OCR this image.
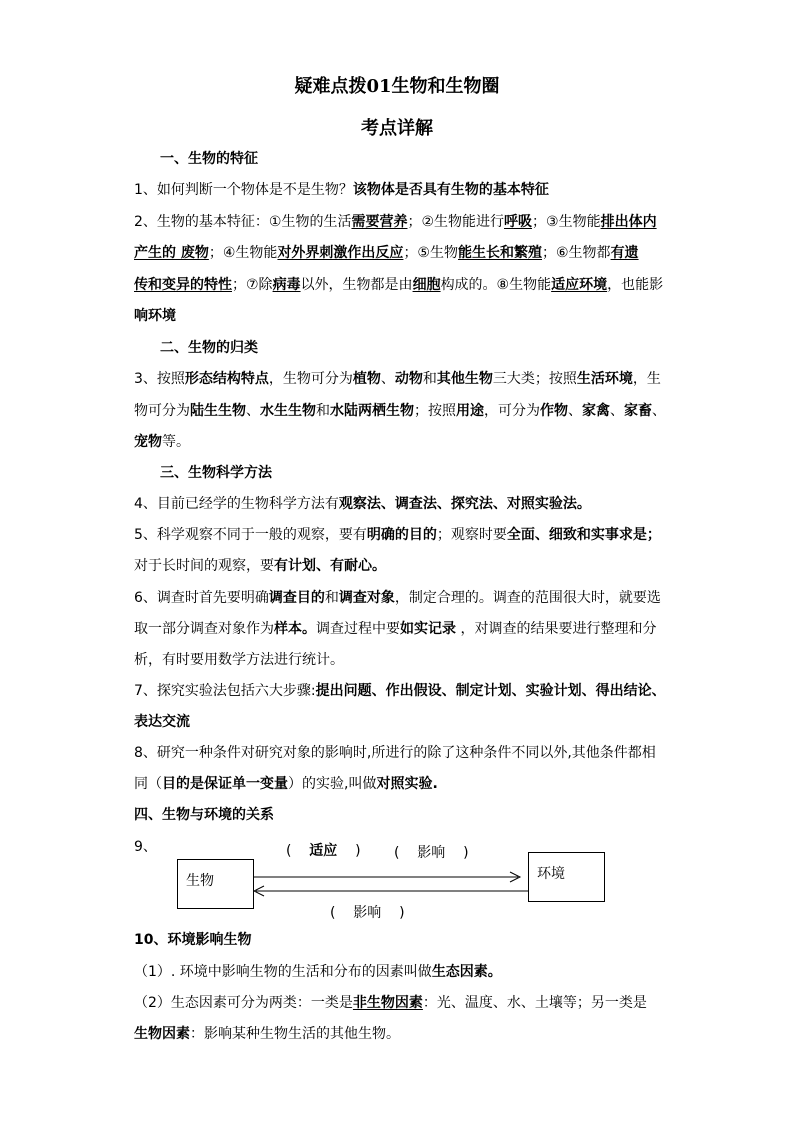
疑难点拨01生物和生物圈
考点详解
一、生物的特征
1、如何判断一个物体是不是生物？该物体是否具有生物的基本特征
2、生物的基本特征：①生物的生活需要营养；②生物能进行呼吸；③生物能排出体内
产生的 废物；④生物能对外界刺激作出反应；⑤生物能生长和繁殖；⑥生物都有遗
传和变异的特性；⑦除病毒以外，生物都是由细胞构成的。⑧生物能适应环境，也能影
响环境
二、生物的归类
3、按照形态结构特点，生物可分为植物、动物和其他生物三大类；按照生活环境，生
物可分为陆生生物、水生生物和水陆两栖生物；按照用途，可分为作物、家禽、家畜、
宠物等。
三、生物科学方法
4、目前已经学的生物科学方法有观察法、调查法、探究法、对照实验法。
5、科学观察不同于一般的观察，要有明确的目的；观察时要全面、细致和实事求是；
对于长时间的观察，要有计划、有耐心。
6、调查时首先要明确调查目的和调查对象，制定合理的。调查的范围很大时，就要选
取一部分调查对象作为样本。调查过程中要如实记录 ，对调查的结果要进行整理和分
析，有时要用数学方法进行统计。
7、探究实验法包括六大步骤:提出问题、作出假设、制定计划、实验计划、得出结论、
表达交流
8、研究一种条件对研究对象的影响时,所进行的除了这种条件不同以外,其他条件都相
同（目的是保证单一变量）的实验,叫做对照实验.
四、生物与环境的关系
9、	(    适应    ) (    影响    )
生物	环境
(    影响    )
10、环境影响生物
（1）. 环境中影响生物的生活和分布的因素叫做生态因素。
（2）生态因素可分为两类：一类是非生物因素：光、温度、水、土壤等；另一类是
生物因素：影响某种生物生活的其他生物。
